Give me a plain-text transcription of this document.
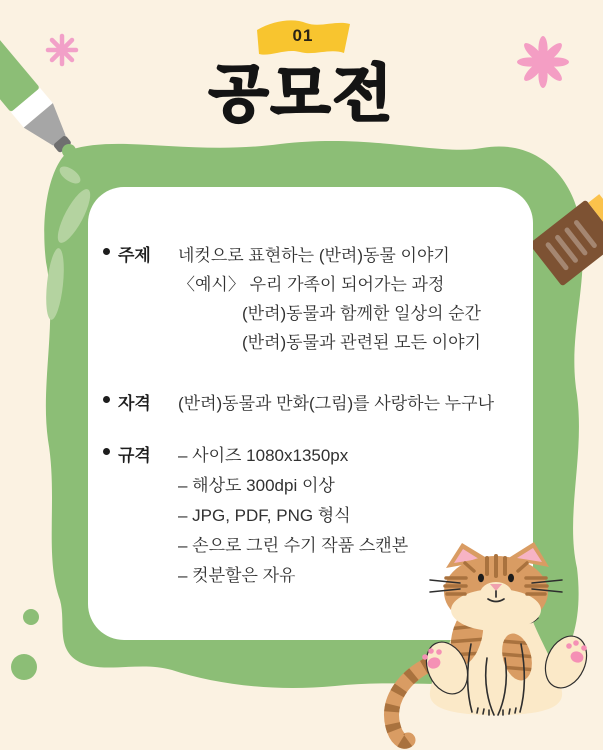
01
공모전
주제 네컷으로 표현하는 (반려)동물 이야기
〈예시〉 우리 가족이 되어가는 과정
(반려)동물과 함께한 일상의 순간
(반려)동물과 관련된 모든 이야기
자격 (반려)동물과 만화(그림)를 사랑하는 누구나
규격 – 사이즈 1080x1350px
– 해상도 300dpi 이상
– JPG, PDF, PNG 형식
– 손으로 그린 수기 작품 스캔본
– 컷분할은 자유
